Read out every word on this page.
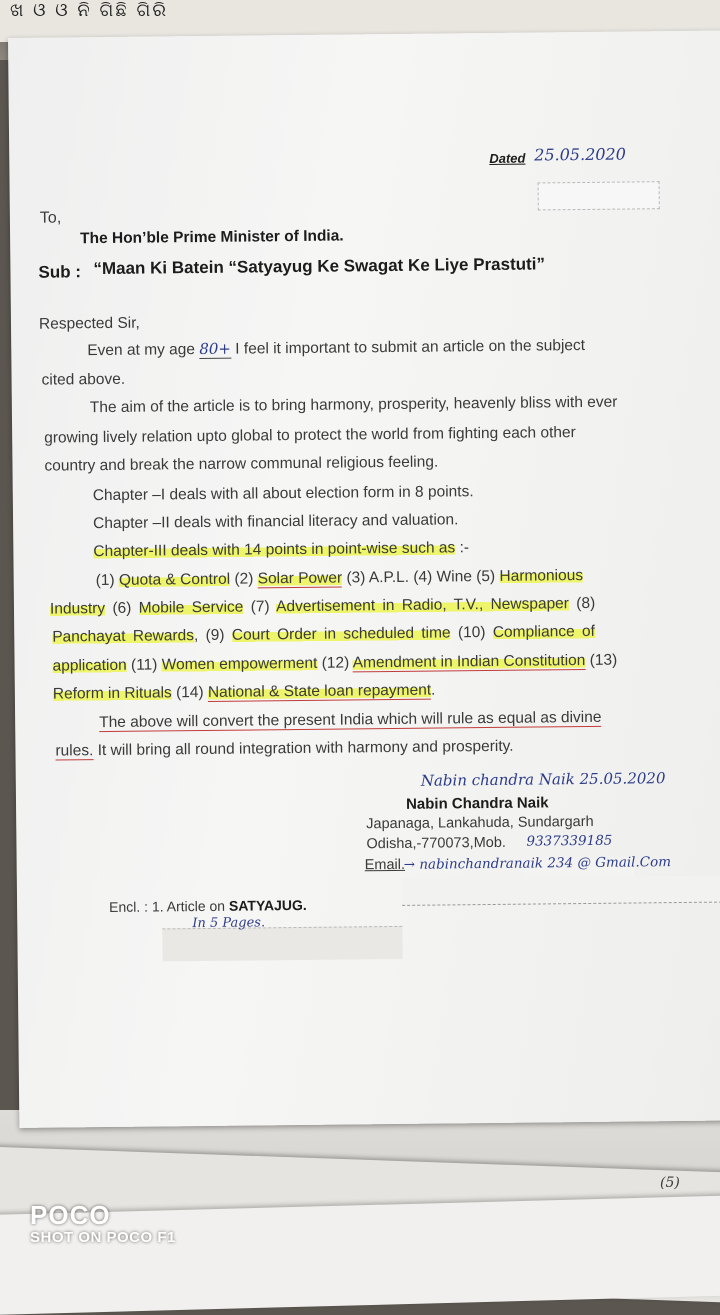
ଖ ଓ ଓ ନି ଗିଛି ଗିରି
(5)
Dated 25.05.2020
To,
The Hon’ble Prime Minister of India.
Sub : “Maan Ki Batein “Satyayug Ke Swagat Ke Liye Prastuti”
Respected Sir,
Even at my age 80+ I feel it important to submit an article on the subject
cited above.
The aim of the article is to bring harmony, prosperity, heavenly bliss with ever
growing lively relation upto global to protect the world from fighting each other
country and break the narrow communal religious feeling.
Chapter –I deals with all about election form in 8 points.
Chapter –II deals with financial literacy and valuation.
Chapter-III deals with 14 points in point-wise such as :-
(1) Quota & Control (2) Solar Power (3) A.P.L. (4) Wine (5) Harmonious
Industry (6) Mobile Service (7) Advertisement in Radio, T.V., Newspaper (8)
Panchayat Rewards, (9) Court Order in scheduled time (10) Compliance of
application (11) Women empowerment (12) Amendment in Indian Constitution (13)
Reform in Rituals (14) National & State loan repayment.
The above will convert the present India which will rule as equal as divine
rules. It will bring all round integration with harmony and prosperity.
Nabin chandra Naik 25.05.2020
Nabin Chandra Naik
Japanaga, Lankahuda, Sundargarh
Odisha,-770073,Mob. 9337339185
Email.
→ nabinchandranaik 234 @ Gmail.Com
Encl. : 1. Article on SATYAJUG.
In 5 Pages.
POCO
SHOT ON POCO F1
